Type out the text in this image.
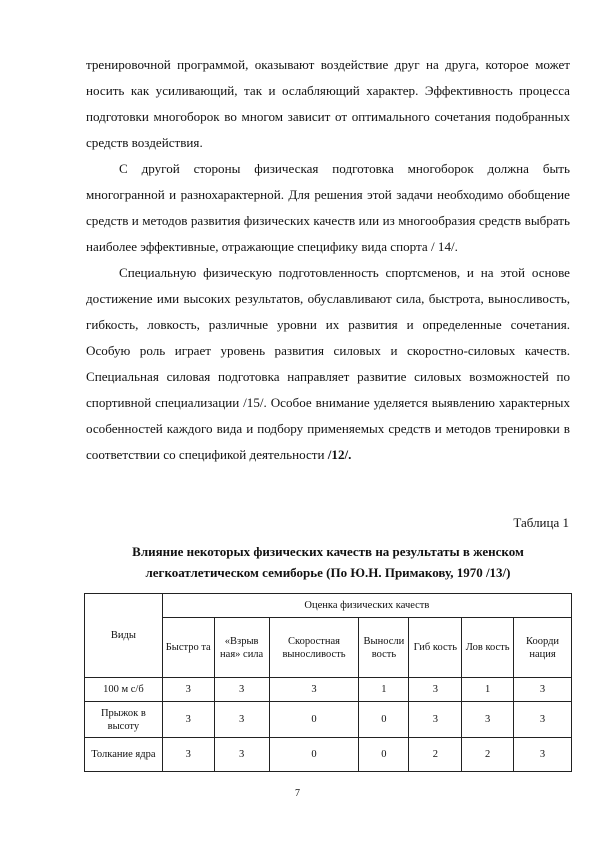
тренировочной программой, оказывают воздействие друг на друга, которое может носить как усиливающий, так и ослабляющий характер. Эффективность процесса подготовки многоборок во многом зависит от оптимального сочетания подобранных средств воздействия.

С другой стороны физическая подготовка многоборок должна быть многогранной и разнохарактерной. Для решения этой задачи необходимо обобщение средств и методов развития физических качеств или из многообразия средств выбрать наиболее эффективные, отражающие специфику вида спорта / 14/.

Специальную физическую подготовленность спортсменов, и на этой основе достижение ими высоких результатов, обуславливают сила, быстрота, выносливость, гибкость, ловкость, различные уровни их развития и определенные сочетания. Особую роль играет уровень развития силовых и скоростно-силовых качеств. Специальная силовая подготовка направляет развитие силовых возможностей по спортивной специализации /15/. Особое внимание уделяется выявлению характерных особенностей каждого вида и подбору применяемых средств и методов тренировки в соответствии со спецификой деятельности /12/.

Таблица 1
Влияние некоторых физических качеств на результаты в женском легкоатлетическом семиборье (По Ю.Н. Примакову, 1970 /13/)
Виды	Оценка физических качеств						
	Быстро та	«Взрыв ная» сила	Скоростная выносливость	Выносли вость	Гиб кость	Лов кость	Коорди нация
100 м с/б	3	3	3	1	3	1	3
Прыжок в высоту	3	3	0	0	3	3	3
Толкание ядра	3	3	0	0	2	2	3
7
